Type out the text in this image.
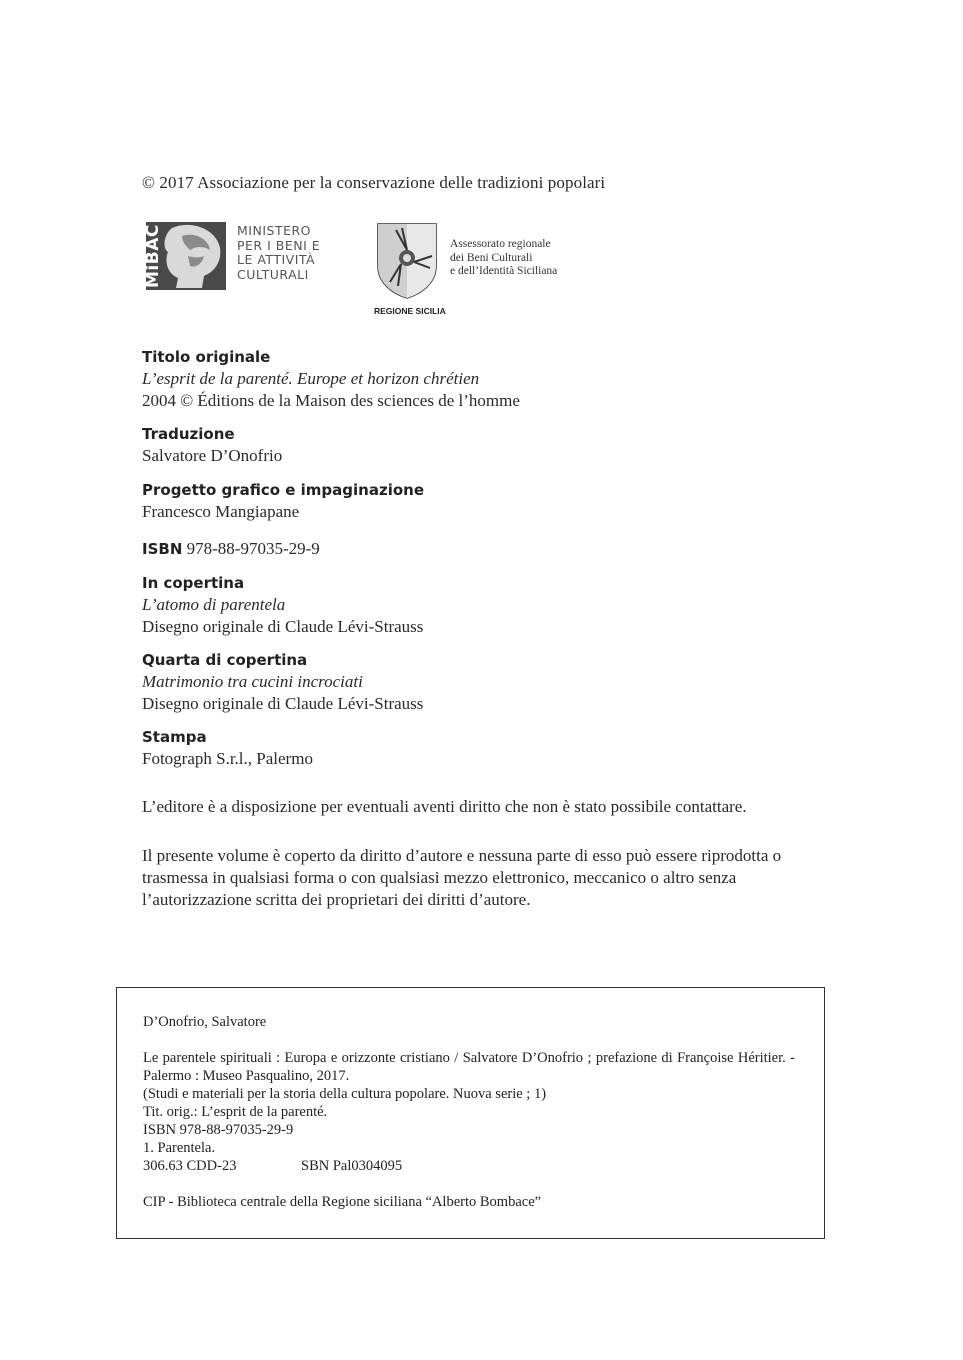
© 2017 Associazione per la conservazione delle tradizioni popolari
MiBAC	MINISTERO
PER I BENI E
LE ATTIVITÀ
CULTURALI
Assessorato regionale
dei Beni Culturali
e dell’Identità Siciliana
REGIONE SICILIA
Titolo originale
L’esprit de la parenté. Europe et horizon chrétien
2004 © Éditions de la Maison des sciences de l’homme
Traduzione
Salvatore D’Onofrio
Progetto grafico e impaginazione
Francesco Mangiapane
ISBN 978-88-97035-29-9
In copertina
L’atomo di parentela
Disegno originale di Claude Lévi-Strauss
Quarta di copertina
Matrimonio tra cucini incrociati
Disegno originale di Claude Lévi-Strauss
Stampa
Fotograph S.r.l., Palermo
L’editore è a disposizione per eventuali aventi diritto che non è stato possibile contattare.
Il presente volume è coperto da diritto d’autore e nessuna parte di esso può essere riprodotta o trasmessa in qualsiasi forma o con qualsiasi mezzo elettronico, meccanico o altro senza l’autorizzazione scritta dei proprietari dei diritti d’autore.
D’Onofrio, Salvatore
Le parentele spirituali : Europa e orizzonte cristiano / Salvatore D’Onofrio ; prefazione di Françoise Héritier. - Palermo : Museo Pasqualino, 2017.
(Studi e materiali per la storia della cultura popolare. Nuova serie ; 1)
Tit. orig.: L’esprit de la parenté.
ISBN 978-88-97035-29-9
1. Parentela.
306.63 CDD-23	SBN Pal0304095
CIP - Biblioteca centrale della Regione siciliana “Alberto Bombace”
